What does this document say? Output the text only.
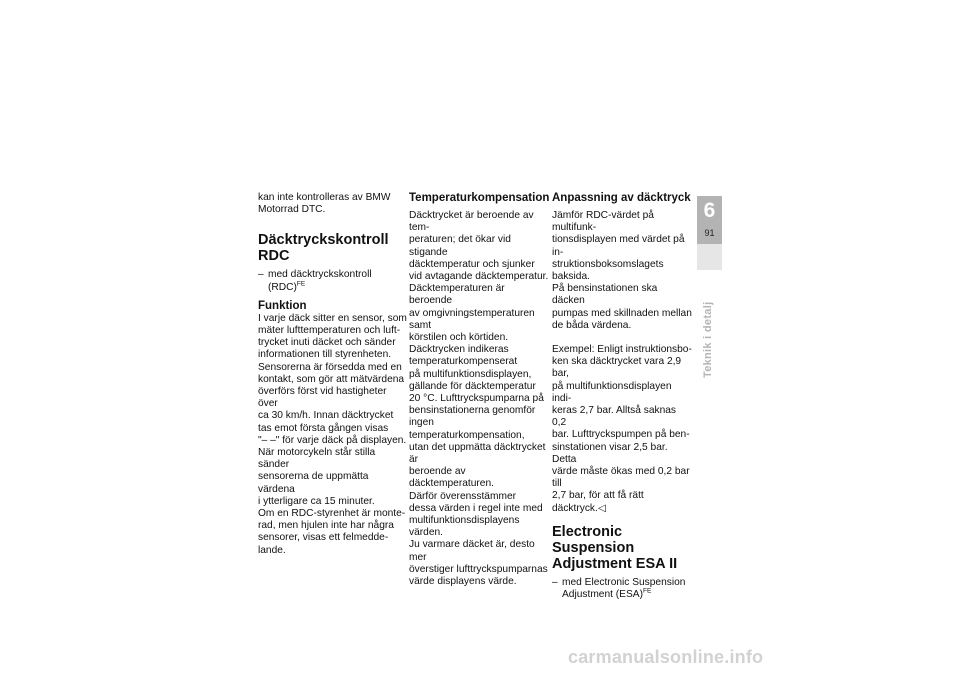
kan inte kontrolleras av BMW
Motorrad DTC.

Däcktryckskontroll
RDC

– med däcktryckskontroll
(RDC)$^{FE}$

Funktion

I varje däck sitter en sensor, som
mäter lufttemperaturen och luft-
trycket inuti däcket och sänder
informationen till styrenheten.
Sensorerna är försedda med en
kontakt, som gör att mätvärdena
överförs först vid hastigheter över
ca 30 km/h. Innan däcktrycket
tas emot första gången visas
"– –" för varje däck på displayen.
När motorcykeln står stilla sänder
sensorerna de uppmätta värdena
i ytterligare ca 15 minuter.
Om en RDC-styrenhet är monte-
rad, men hjulen inte har några
sensorer, visas ett felmedde-
lande.

Temperaturkompensation

Däcktrycket är beroende av tem-
peraturen; det ökar vid stigande
däcktemperatur och sjunker
vid avtagande däcktemperatur.
Däcktemperaturen är beroende
av omgivningstemperaturen samt
körstilen och körtiden.
Däcktrycken indikeras
temperaturkompenserat
på multifunktionsdisplayen,
gällande för däcktemperatur
20 °C. Lufttryckspumparna på
bensinstationerna genomför
ingen temperaturkompensation,
utan det uppmätta däcktrycket är
beroende av däcktemperaturen.
Därför överensstämmer
dessa värden i regel inte med
multifunktionsdisplayens värden.
Ju varmare däcket är, desto mer
överstiger lufttryckspumparnas
värde displayens värde.

Anpassning av däcktryck

Jämför RDC-värdet på multifunk-
tionsdisplayen med värdet på in-
struktionsboksomslagets baksida.
På bensinstationen ska däcken
pumpas med skillnaden mellan
de båda värdena.

Exempel: Enligt instruktionsbo-
ken ska däcktrycket vara 2,9 bar,
på multifunktionsdisplayen indi-
keras 2,7 bar. Alltså saknas 0,2
bar. Lufttryckspumpen på ben-
sinstationen visar 2,5 bar. Detta
värde måste ökas med 0,2 bar till
2,7 bar, för att få rätt däcktryck.◁

Electronic Suspension
Adjustment ESA II

– med Electronic Suspension
Adjustment (ESA)$^{FE}$
6
91
Teknik i detalj
carmanualsonline.info
